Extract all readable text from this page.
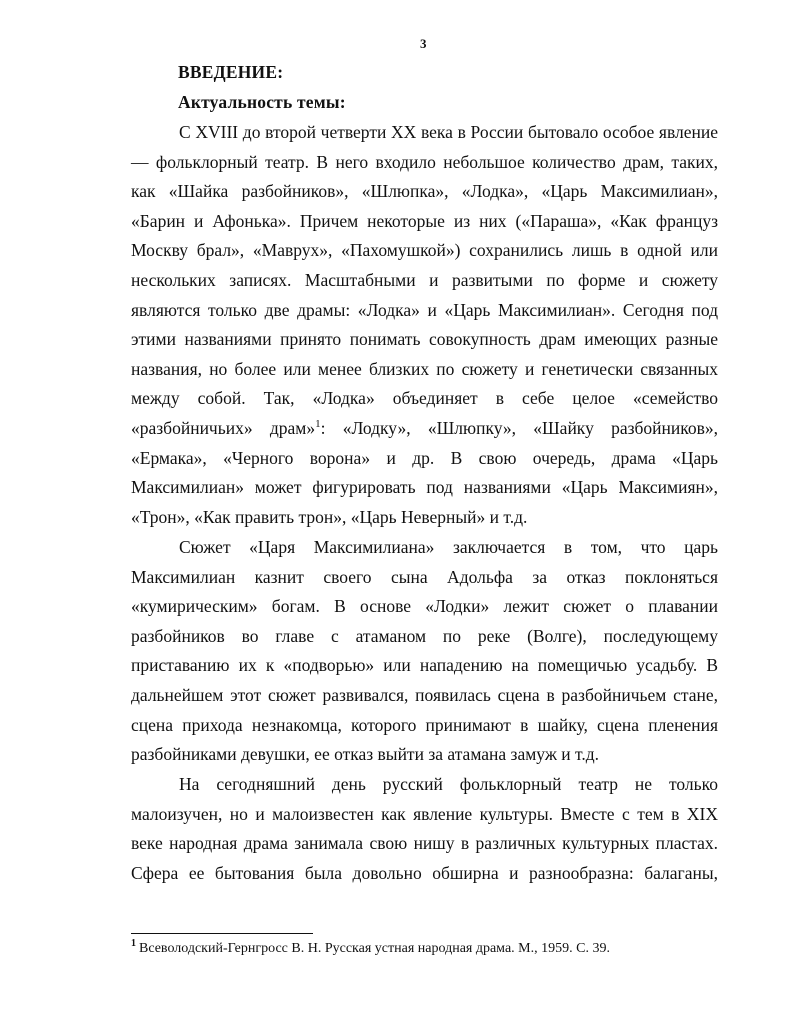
3
ВВЕДЕНИЕ:
Актуальность темы:
С XVIII до второй четверти XX века в России бытовало особое явление
— фольклорный театр. В него входило небольшое количество драм, таких,
как «Шайка разбойников», «Шлюпка», «Лодка», «Царь Максимилиан»,
«Барин и Афонька». Причем некоторые из них («Параша», «Как француз
Москву брал», «Маврух», «Пахомушкой») сохранились лишь в одной или
нескольких записях. Масштабными и развитыми по форме и сюжету
являются только две драмы: «Лодка» и «Царь Максимилиан». Сегодня под
этими названиями принято понимать совокупность драм имеющих разные
названия, но более или менее близких по сюжету и генетически связанных
между собой. Так, «Лодка» объединяет в себе целое «семейство
«разбойничьих» драм»$^1$: «Лодку», «Шлюпку», «Шайку разбойников»,
«Ермака», «Черного ворона» и др. В свою очередь, драма «Царь
Максимилиан» может фигурировать под названиями «Царь Максимиян»,
«Трон», «Как править трон», «Царь Неверный» и т.д.
Сюжет «Царя Максимилиана» заключается в том, что царь
Максимилиан казнит своего сына Адольфа за отказ поклоняться
«кумирическим» богам. В основе «Лодки» лежит сюжет о плавании
разбойников во главе с атаманом по реке (Волге), последующему
приставанию их к «подворью» или нападению на помещичью усадьбу. В
дальнейшем этот сюжет развивался, появилась сцена в разбойничьем стане,
сцена прихода незнакомца, которого принимают в шайку, сцена пленения
разбойниками девушки, ее отказ выйти за атамана замуж и т.д.
На сегодняшний день русский фольклорный театр не только
малоизучен, но и малоизвестен как явление культуры. Вместе с тем в XIX
веке народная драма занимала свою нишу в различных культурных пластах.
Сфера ее бытования была довольно обширна и разнообразна: балаганы,
$^1$ Всеволодский-Гернгросс В. Н. Русская устная народная драма. М., 1959. С. 39.
